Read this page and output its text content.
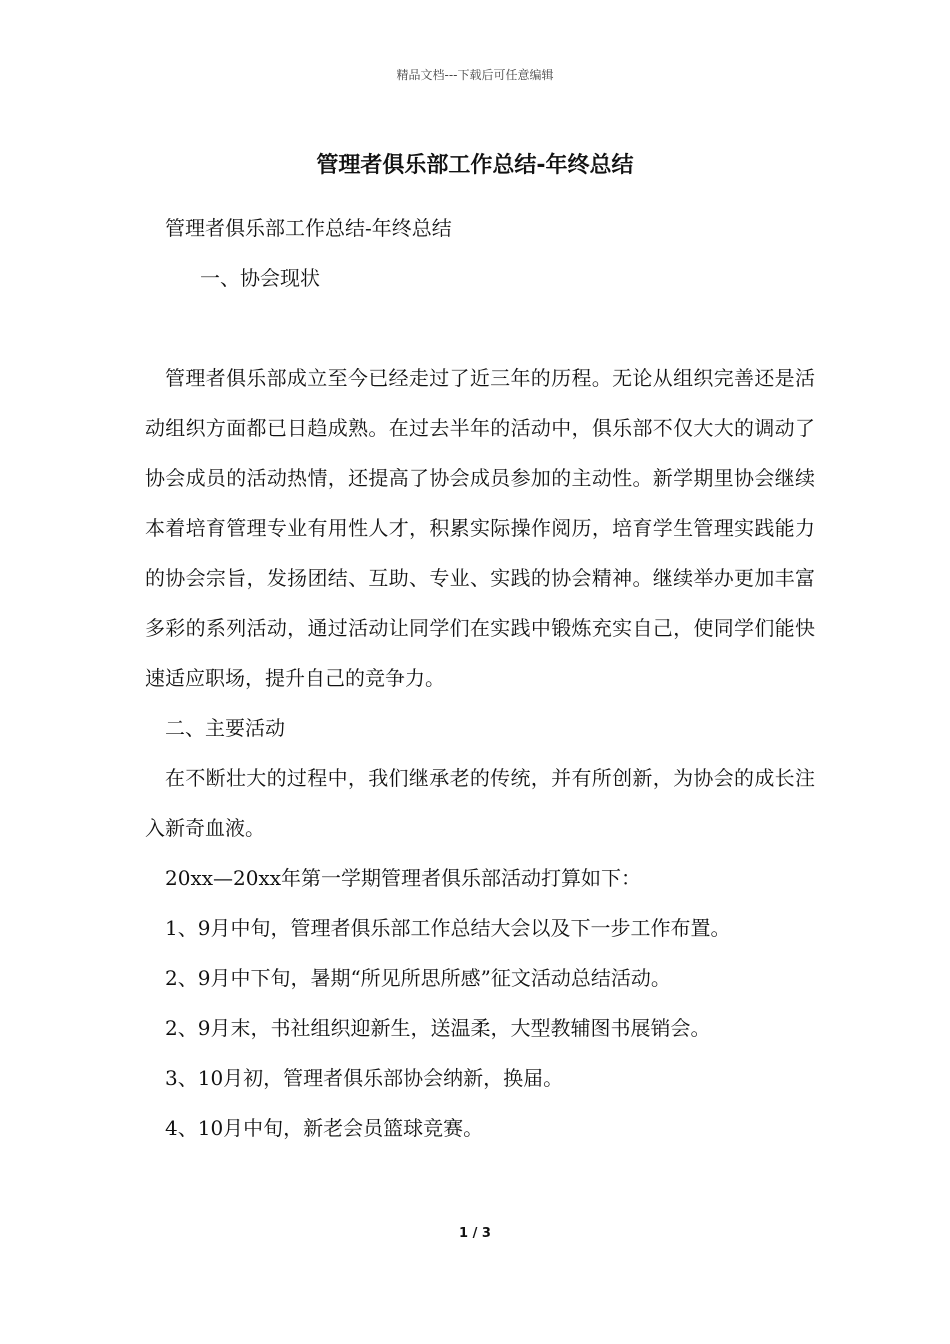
精品文档---下载后可任意编辑
管理者俱乐部工作总结-年终总结

管理者俱乐部工作总结-年终总结

一、协会现状

管理者俱乐部成立至今已经走过了近三年的历程。无论从组织完善还是活动组织方面都已日趋成熟。在过去半年的活动中，俱乐部不仅大大的调动了协会成员的活动热情，还提高了协会成员参加的主动性。新学期里协会继续本着培育管理专业有用性人才，积累实际操作阅历，培育学生管理实践能力的协会宗旨，发扬团结、互助、专业、实践的协会精神。继续举办更加丰富多彩的系列活动，通过活动让同学们在实践中锻炼充实自己，使同学们能快速适应职场，提升自己的竞争力。

二、主要活动

在不断壮大的过程中，我们继承老的传统，并有所创新，为协会的成长注入新奇血液。

20xx—20xx年第一学期管理者俱乐部活动打算如下：

1、9月中旬，管理者俱乐部工作总结大会以及下一步工作布置。

2、9月中下旬，暑期“所见所思所感”征文活动总结活动。

2、9月末，书社组织迎新生，送温柔，大型教辅图书展销会。

3、10月初，管理者俱乐部协会纳新，换届。

4、10月中旬，新老会员篮球竞赛。

1 / 3
